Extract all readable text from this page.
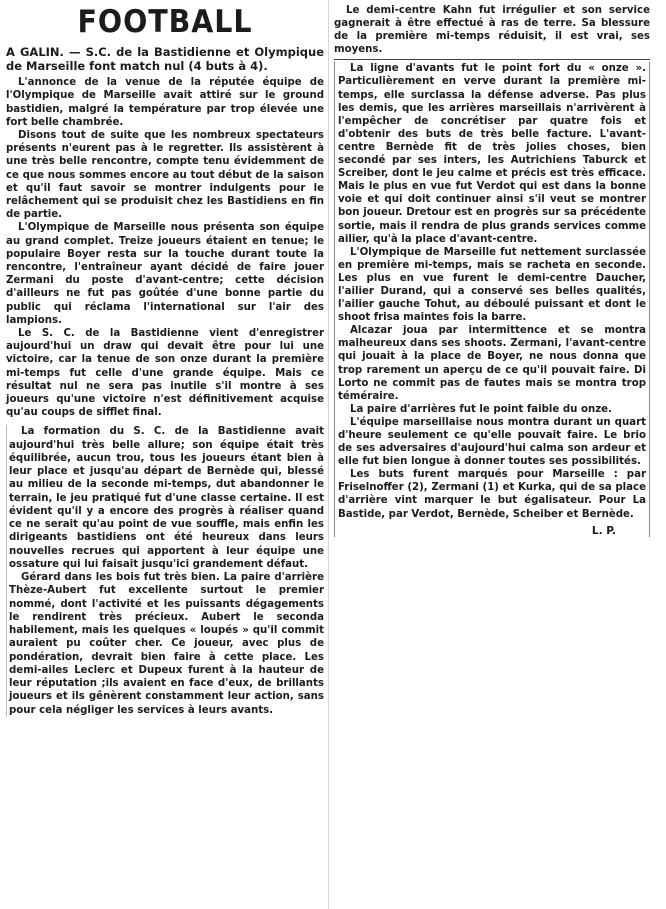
FOOTBALL
A GALIN. — S.C. de la Bastidienne et Olympique de Marseille font match nul (4 buts à 4).

L'annonce de la venue de la réputée équipe de l'Olympique de Marseille avait attiré sur le ground bastidien, malgré la température par trop élevée une fort belle chambrée.

Disons tout de suite que les nombreux spectateurs présents n'eurent pas à le regretter. Ils assistèrent à une très belle rencontre, compte tenu évidemment de ce que nous sommes encore au tout début de la saison et qu'il faut savoir se montrer indulgents pour le relâchement qui se produisit chez les Bastidiens en fin de partie.

L'Olympique de Marseille nous présenta son équipe au grand complet. Treize joueurs étaient en tenue; le populaire Boyer resta sur la touche durant toute la rencontre, l'entraîneur ayant décidé de faire jouer Zermani du poste d'avant-centre; cette décision d'ailleurs ne fut pas goûtée d'une bonne partie du public qui réclama l'international sur l'air des lampions.

Le S. C. de la Bastidienne vient d'enregistrer aujourd'hui un draw qui devait être pour lui une victoire, car la tenue de son onze durant la première mi-temps fut celle d'une grande équipe. Mais ce résultat nul ne sera pas inutile s'il montre à ses joueurs qu'une victoire n'est définitivement acquise qu'au coups de sifflet final.

La formation du S. C. de la Bastidienne avait aujourd'hui très belle allure; son équipe était très équilibrée, aucun trou, tous les joueurs étant bien à leur place et jusqu'au départ de Bernède qui, blessé au milieu de la seconde mi-temps, dut abandonner le terrain, le jeu pratiqué fut d'une classe certaine. Il est évident qu'il y a encore des progrès à réaliser quand ce ne serait qu'au point de vue souffle, mais enfin les dirigeants bastidiens ont été heureux dans leurs nouvelles recrues qui apportent à leur équipe une ossature qui lui faisait jusqu'ici grandement défaut.

Gérard dans les bois fut très bien. La paire d'arrière Thèze-Aubert fut excellente surtout le premier nommé, dont l'activité et les puissants dégagements le rendirent très précieux. Aubert le seconda habilement, mais les quelques « loupés » qu'il commit auraient pu coûter cher. Ce joueur, avec plus de pondération, devrait bien faire à cette place. Les demi-ailes Leclerc et Dupeux furent à la hauteur de leur réputation ;ils avaient en face d'eux, de brillants joueurs et ils gênèrent constamment leur action, sans pour cela négliger les services à leurs avants.

Le demi-centre Kahn fut irrégulier et son service gagnerait à être effectué à ras de terre. Sa blessure de la première mi-temps réduisit, il est vrai, ses moyens.

La ligne d'avants fut le point fort du « onze ». Particulièrement en verve durant la première mi-temps, elle surclassa la défense adverse. Pas plus les demis, que les arrières marseillais n'arrivèrent à l'empêcher de concrétiser par quatre fois et d'obtenir des buts de très belle facture. L'avant-centre Bernède fit de très jolies choses, bien secondé par ses inters, les Autrichiens Taburck et Screiber, dont le jeu calme et précis est très efficace. Mais le plus en vue fut Verdot qui est dans la bonne voie et qui doit continuer ainsi s'il veut se montrer bon joueur. Dretour est en progrès sur sa précédente sortie, mais il rendra de plus grands services comme ailier, qu'à la place d'avant-centre.

L'Olympique de Marseille fut nettement surclassée en première mi-temps, mais se racheta en seconde. Les plus en vue furent le demi-centre Daucher, l'ailier Durand, qui a conservé ses belles qualités, l'ailier gauche Tohut, au déboulé puissant et dont le shoot frisa maintes fois la barre.

Alcazar joua par intermittence et se montra malheureux dans ses shoots. Zermani, l'avant-centre qui jouait à la place de Boyer, ne nous donna que trop rarement un aperçu de ce qu'il pouvait faire. Di Lorto ne commit pas de fautes mais se montra trop téméraire.

La paire d'arrières fut le point faible du onze.

L'équipe marseillaise nous montra durant un quart d'heure seulement ce qu'elle pouvait faire. Le brio de ses adversaires d'aujourd'hui calma son ardeur et elle fut bien longue à donner toutes ses possibilités.

Les buts furent marqués pour Marseille : par Friselnoffer (2), Zermani (1) et Kurka, qui de sa place d'arrière vint marquer le but égalisateur. Pour La Bastide, par Verdot, Bernède, Scheiber et Bernède.

L. P.
